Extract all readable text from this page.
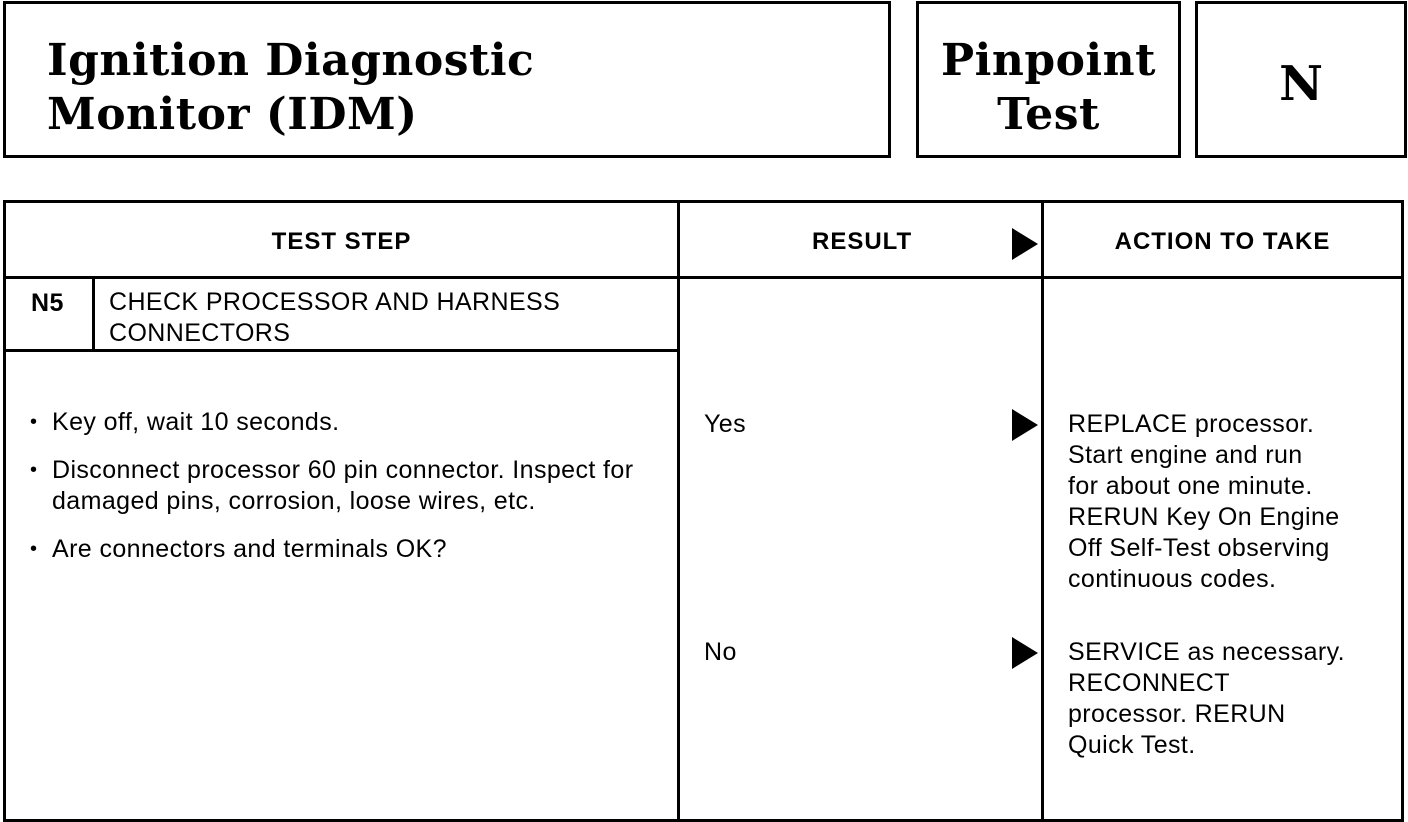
Ignition Diagnostic
Monitor (IDM)
Pinpoint
Test
N
TEST STEP	RESULT	ACTION TO TAKE
N5 CHECK PROCESSOR AND HARNESS
CONNECTORS
• Key off, wait 10 seconds.
• Disconnect processor 60 pin connector. Inspect for damaged pins, corrosion, loose wires, etc.
• Are connectors and terminals OK?
Yes	REPLACE processor.
Start engine and run
for about one minute.
RERUN Key On Engine
Off Self-Test observing
continuous codes.
No	SERVICE as necessary.
RECONNECT
processor. RERUN
Quick Test.
